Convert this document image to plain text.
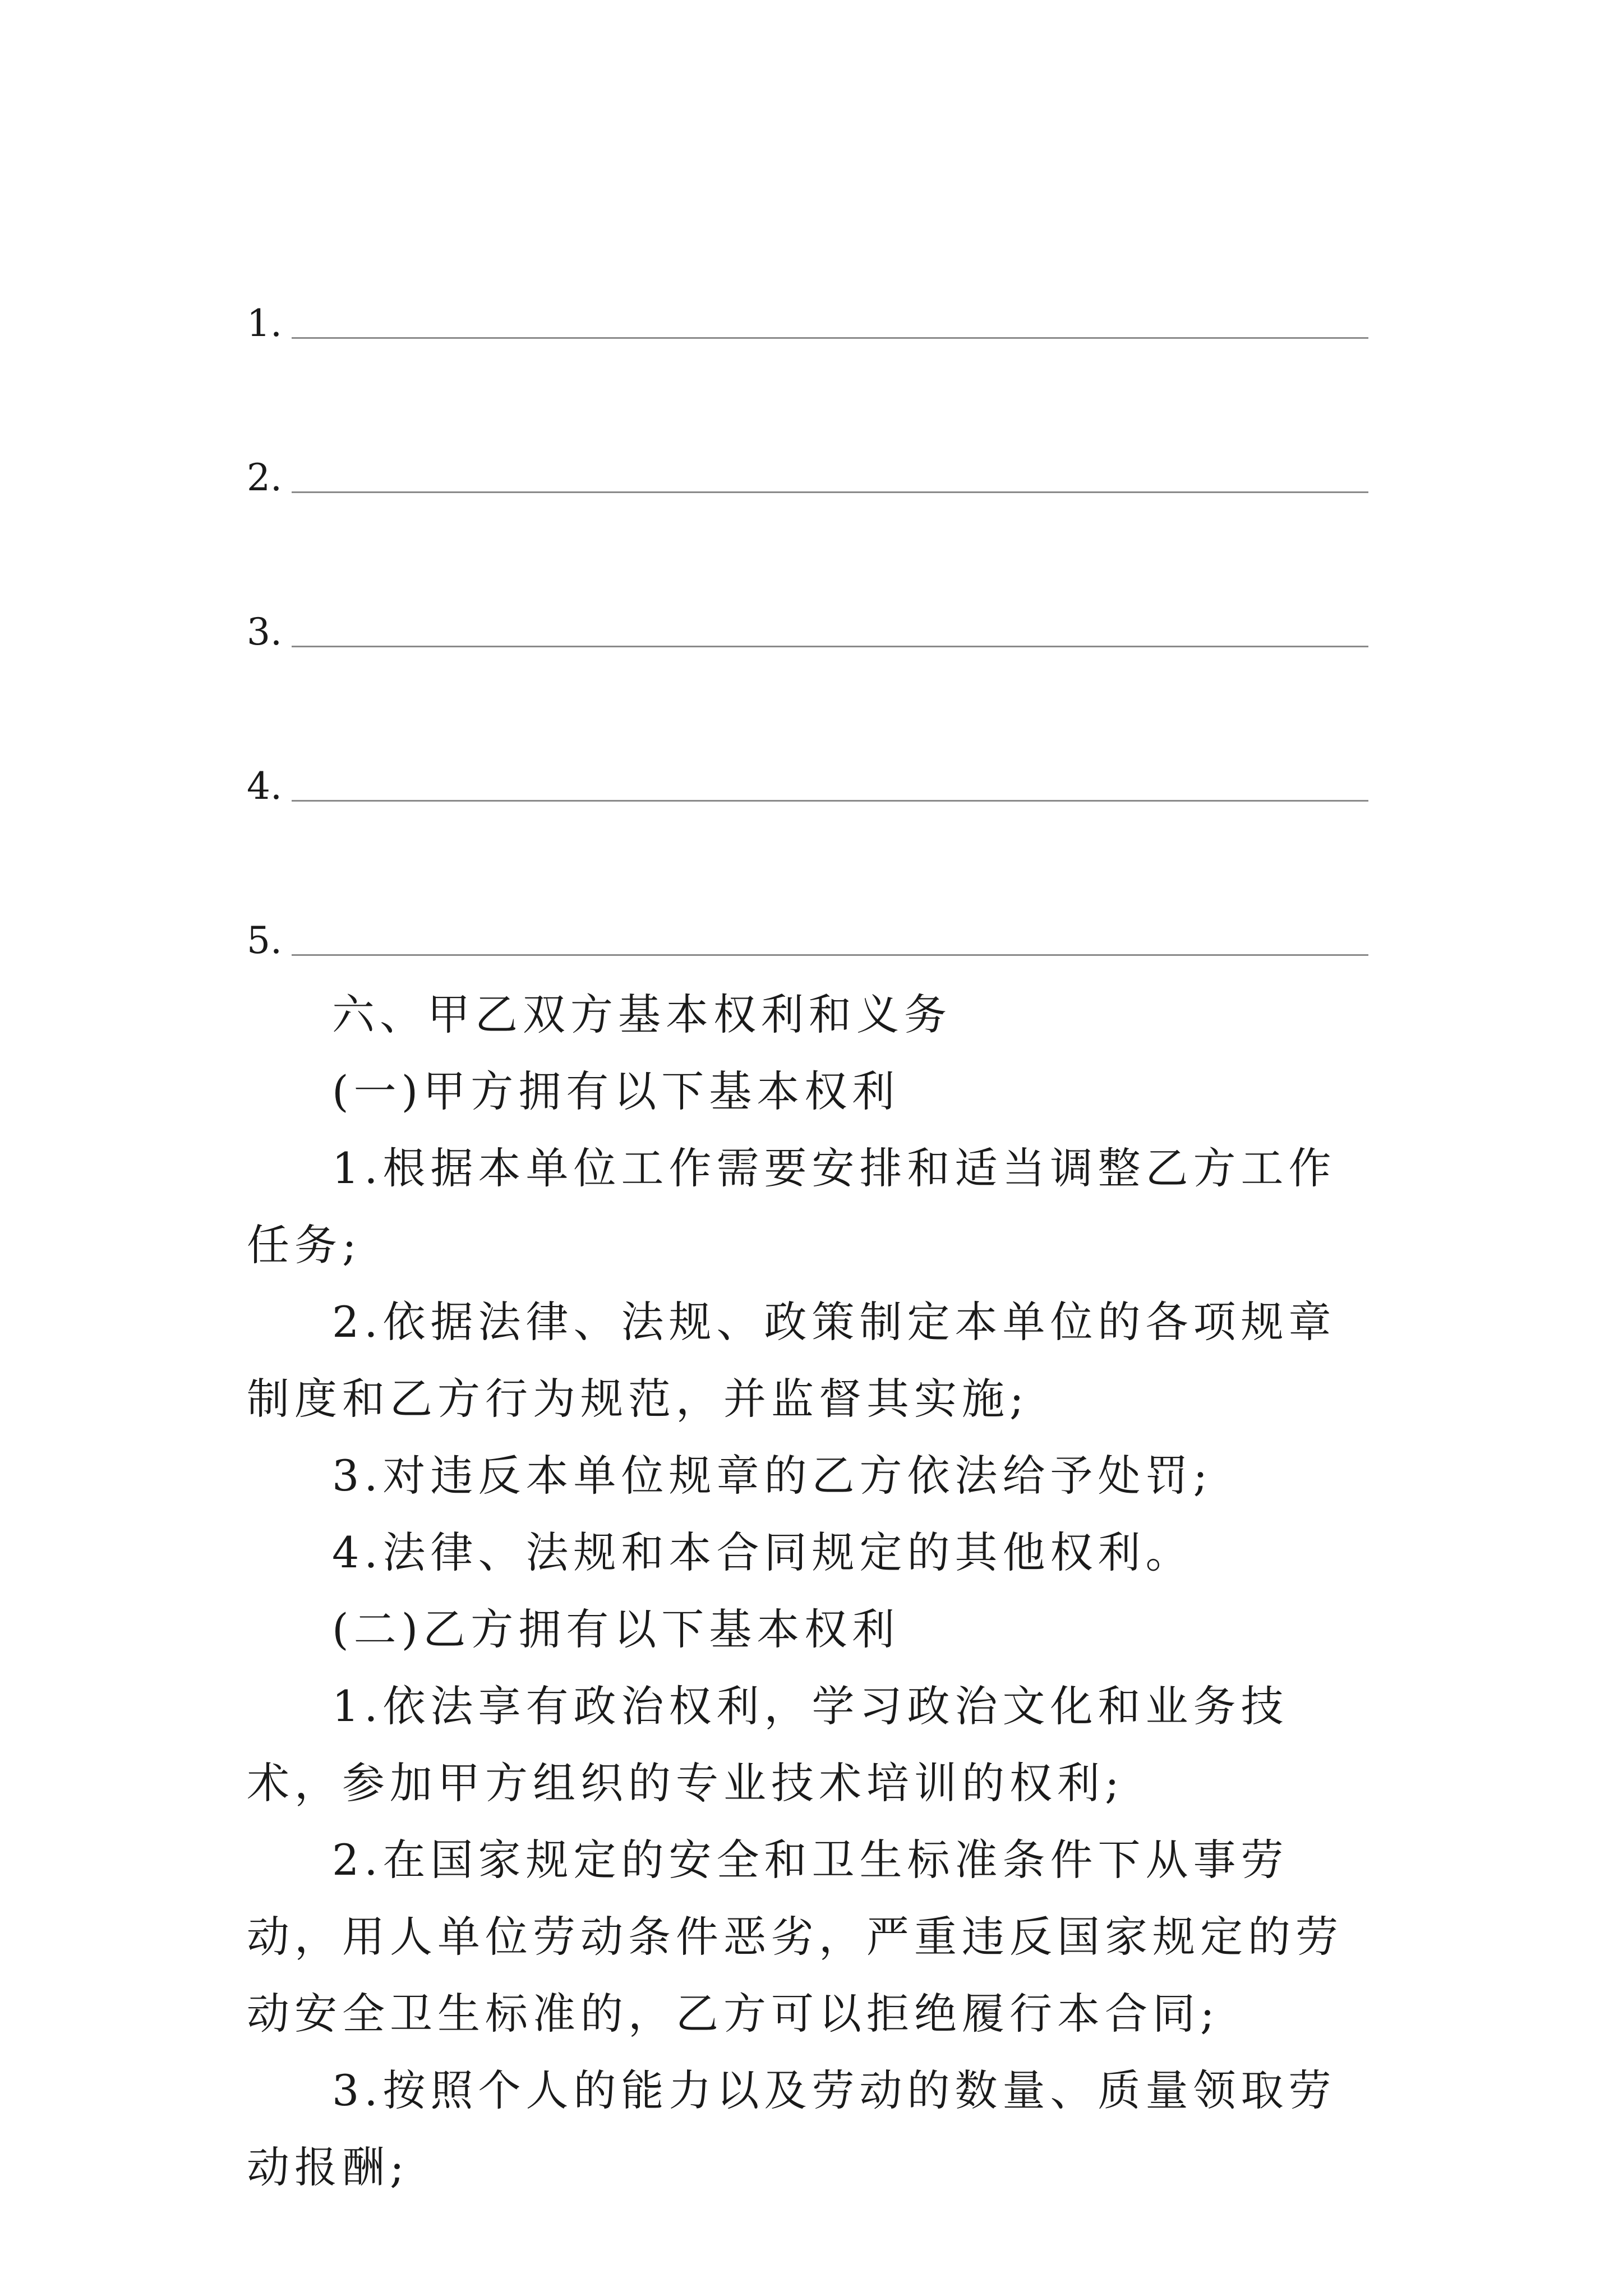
1.
2.
3.
4.
5.

六、甲乙双方基本权利和义务

(一)甲方拥有以下基本权利

1.根据本单位工作需要安排和适当调整乙方工作任务;

2.依据法律、法规、政策制定本单位的各项规章制度和乙方行为规范，并监督其实施;

3.对违反本单位规章的乙方依法给予处罚;

4.法律、法规和本合同规定的其他权利。

(二)乙方拥有以下基本权利

1.依法享有政治权利，学习政治文化和业务技术，参加甲方组织的专业技术培训的权利;

2.在国家规定的安全和卫生标准条件下从事劳动，用人单位劳动条件恶劣，严重违反国家规定的劳动安全卫生标准的，乙方可以拒绝履行本合同;

3.按照个人的能力以及劳动的数量、质量领取劳动报酬;
